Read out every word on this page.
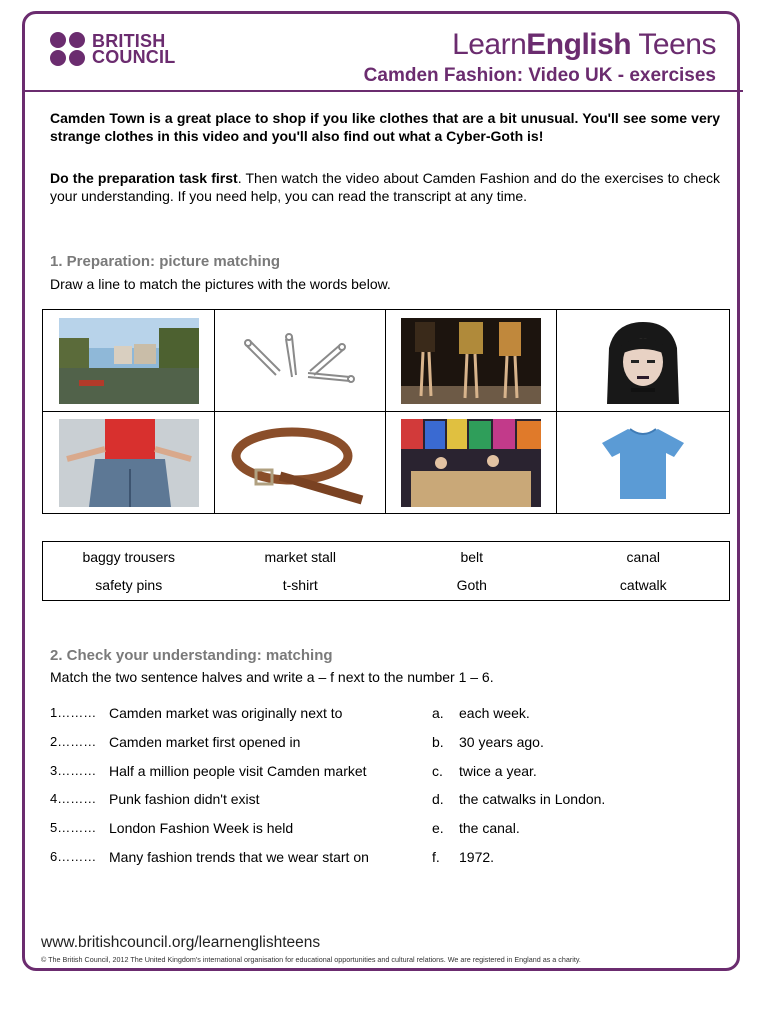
BRITISH
COUNCIL	LearnEnglish Teens
Camden Fashion: Video UK - exercises
Camden Town is a great place to shop if you like clothes that are a bit unusual. You'll see some very strange clothes in this video and you'll also find out what a Cyber-Goth is!
Do the preparation task first. Then watch the video about Camden Fashion and do the exercises to check your understanding. If you need help, you can read the transcript at any time.
1. Preparation: picture matching
Draw a line to match the pictures with the words below.
baggy trousers	market stall	belt	canal
safety pins	t-shirt	Goth	catwalk
2. Check your understanding: matching
Match the two sentence halves and write a – f next to the number 1 – 6.
1……… Camden market was originally next to	a. each week.
2……… Camden market first opened in	b. 30 years ago.
3……… Half a million people visit Camden market	c. twice a year.
4……… Punk fashion didn't exist	d. the catwalks in London.
5……… London Fashion Week is held	e. the canal.
6……… Many fashion trends that we wear start on	f. 1972.
www.britishcouncil.org/learnenglishteens
© The British Council, 2012 The United Kingdom's international organisation for educational opportunities and cultural relations. We are registered in England as a charity.
